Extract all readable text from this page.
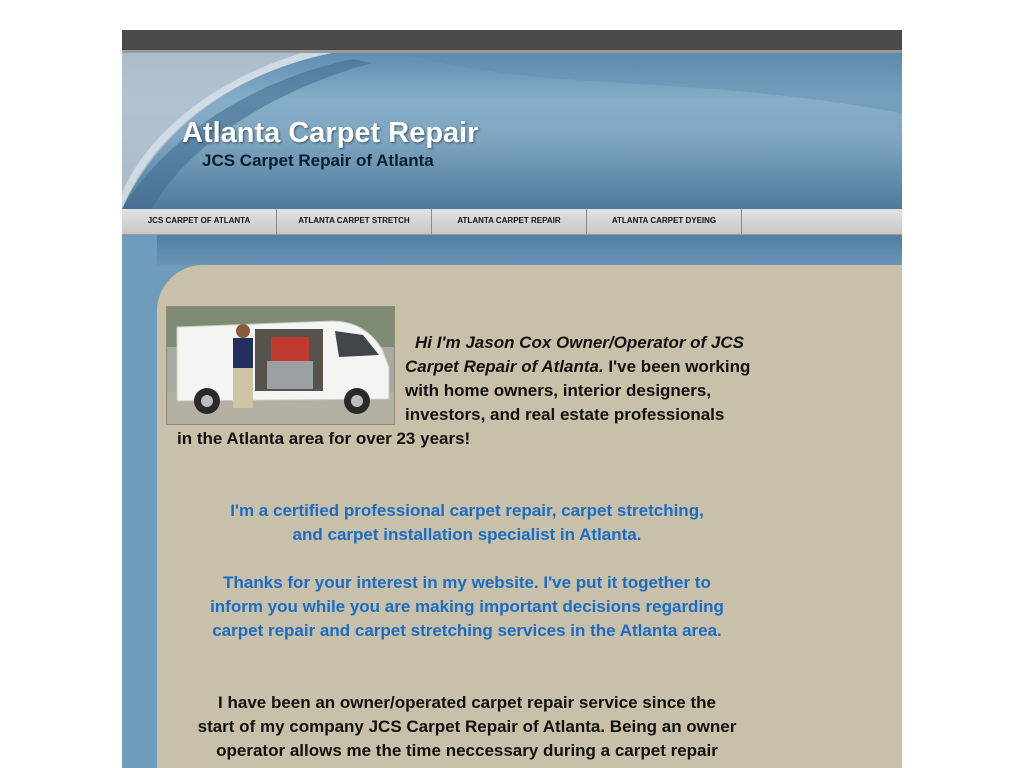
Atlanta Carpet Repair
JCS Carpet Repair of Atlanta
JCS CARPET OF ATLANTA	ATLANTA CARPET STRETCH	ATLANTA CARPET REPAIR	ATLANTA CARPET DYEING

Hi I'm Jason Cox Owner/Operator of JCS
Carpet Repair of Atlanta. I've been working
with home owners, interior designers,
investors, and real estate professionals

in the Atlanta area for over 23 years!

I'm a certified professional carpet repair, carpet stretching,
and carpet installation specialist in Atlanta.

Thanks for your interest in my website. I've put it together to
inform you while you are making important decisions regarding
carpet repair and carpet stretching services in the Atlanta area.

I have been an owner/operated carpet repair service since the
start of my company JCS Carpet Repair of Atlanta. Being an owner
operator allows me the time neccessary during a carpet repair
